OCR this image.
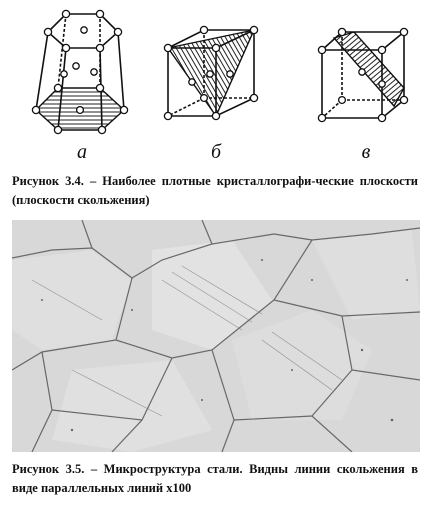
а	б	в
Рисунок 3.4. – Наиболее плотные кристаллографи-ческие плоскости (плоскости скольжения)
Рисунок 3.5. – Микроструктура стали. Видны линии скольжения в виде параллельных линий х100
